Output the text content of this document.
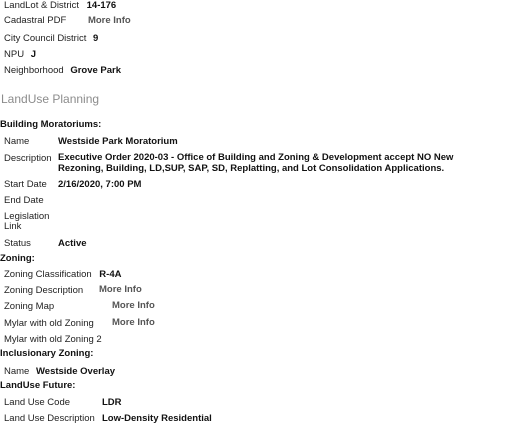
LandLot & District 14-176
Cadastral PDF More Info
City Council District 9
NPU J
Neighborhood Grove Park
LandUse Planning
Building Moratoriums:
Name	Westside Park Moratorium
Description Executive Order 2020-03 - Office of Building and Zoning & Development accept NO New
Rezoning, Building, LD,SUP, SAP, SD, Replatting, and Lot Consolidation Applications.
Start Date 2/16/2020, 7:00 PM
End Date
Legislation
Link
Status	Active
Zoning:
Zoning Classification R-4A
Zoning Description More Info
Zoning Map	More Info
Mylar with old Zoning More Info
Mylar with old Zoning 2
Inclusionary Zoning:
Name Westside Overlay
LandUse Future:
Land Use Code	LDR
Land Use Description Low-Density Residential
